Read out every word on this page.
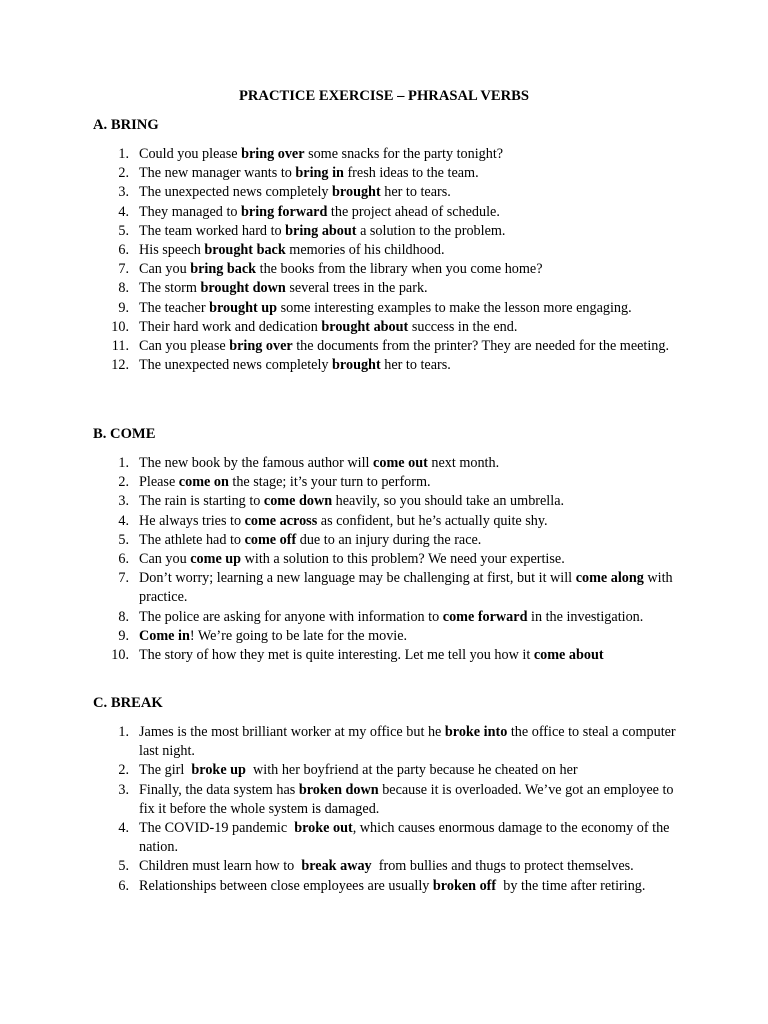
PRACTICE EXERCISE – PHRASAL VERBS
A. BRING
1. Could you please bring over some snacks for the party tonight?
2. The new manager wants to bring in fresh ideas to the team.
3. The unexpected news completely brought her to tears.
4. They managed to bring forward the project ahead of schedule.
5. The team worked hard to bring about a solution to the problem.
6. His speech brought back memories of his childhood.
7. Can you bring back the books from the library when you come home?
8. The storm brought down several trees in the park.
9. The teacher brought up some interesting examples to make the lesson more engaging.
10. Their hard work and dedication brought about success in the end.
11. Can you please bring over the documents from the printer? They are needed for the meeting.
12. The unexpected news completely brought her to tears.
B. COME
1. The new book by the famous author will come out next month.
2. Please come on the stage; it’s your turn to perform.
3. The rain is starting to come down heavily, so you should take an umbrella.
4. He always tries to come across as confident, but he’s actually quite shy.
5. The athlete had to come off due to an injury during the race.
6. Can you come up with a solution to this problem? We need your expertise.
7. Don’t worry; learning a new language may be challenging at first, but it will come along with practice.
8. The police are asking for anyone with information to come forward in the investigation.
9. Come in! We’re going to be late for the movie.
10. The story of how they met is quite interesting. Let me tell you how it come about
C. BREAK
1. James is the most brilliant worker at my office but he broke into the office to steal a computer last night.
2. The girl  broke up  with her boyfriend at the party because he cheated on her
3. Finally, the data system has broken down because it is overloaded. We’ve got an employee to fix it before the whole system is damaged.
4. The COVID-19 pandemic  broke out, which causes enormous damage to the economy of the nation.
5. Children must learn how to  break away  from bullies and thugs to protect themselves.
6. Relationships between close employees are usually broken off  by the time after retiring.
